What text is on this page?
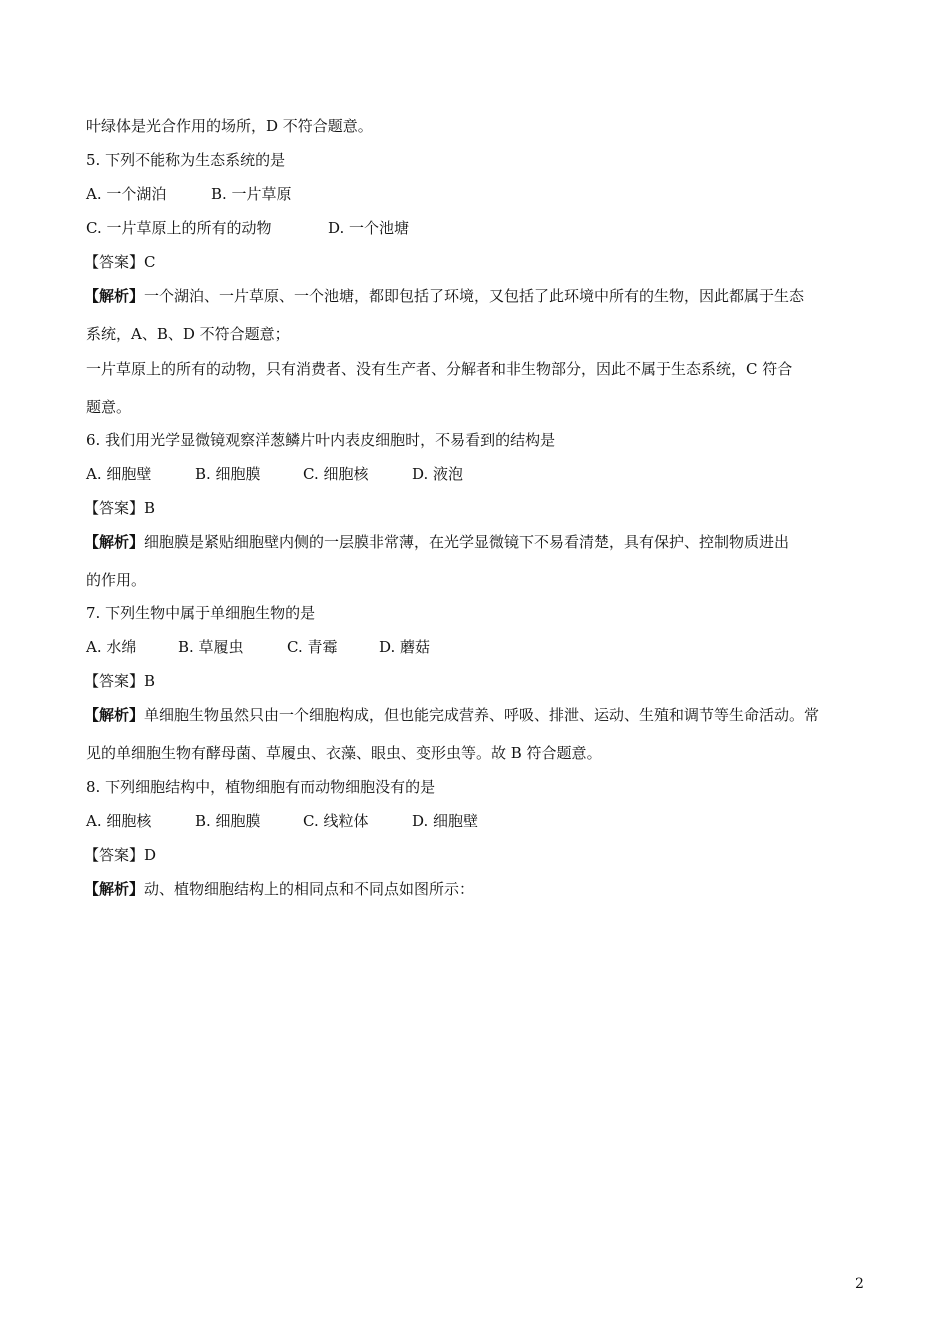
叶绿体是光合作用的场所，D 不符合题意。
5. 下列不能称为生态系统的是
A. 一个湖泊	B. 一片草原
C. 一片草原上的所有的动物	D. 一个池塘
【答案】C
【解析】一个湖泊、一片草原、一个池塘，都即包括了环境，又包括了此环境中所有的生物，因此都属于生态
系统，A、B、D 不符合题意；
一片草原上的所有的动物，只有消费者、没有生产者、分解者和非生物部分，因此不属于生态系统，C 符合
题意。
6. 我们用光学显微镜观察洋葱鳞片叶内表皮细胞时，不易看到的结构是
A. 细胞壁	B. 细胞膜	C. 细胞核	D. 液泡
【答案】B
【解析】细胞膜是紧贴细胞壁内侧的一层膜非常薄，在光学显微镜下不易看清楚，具有保护、控制物质进出
的作用。
7. 下列生物中属于单细胞生物的是
A. 水绵	B. 草履虫	C. 青霉	D. 蘑菇
【答案】B
【解析】单细胞生物虽然只由一个细胞构成，但也能完成营养、呼吸、排泄、运动、生殖和调节等生命活动。常
见的单细胞生物有酵母菌、草履虫、衣藻、眼虫、变形虫等。故 B 符合题意。
8. 下列细胞结构中，植物细胞有而动物细胞没有的是
A. 细胞核	B. 细胞膜	C. 线粒体	D. 细胞壁
【答案】D
【解析】动、植物细胞结构上的相同点和不同点如图所示：
2
